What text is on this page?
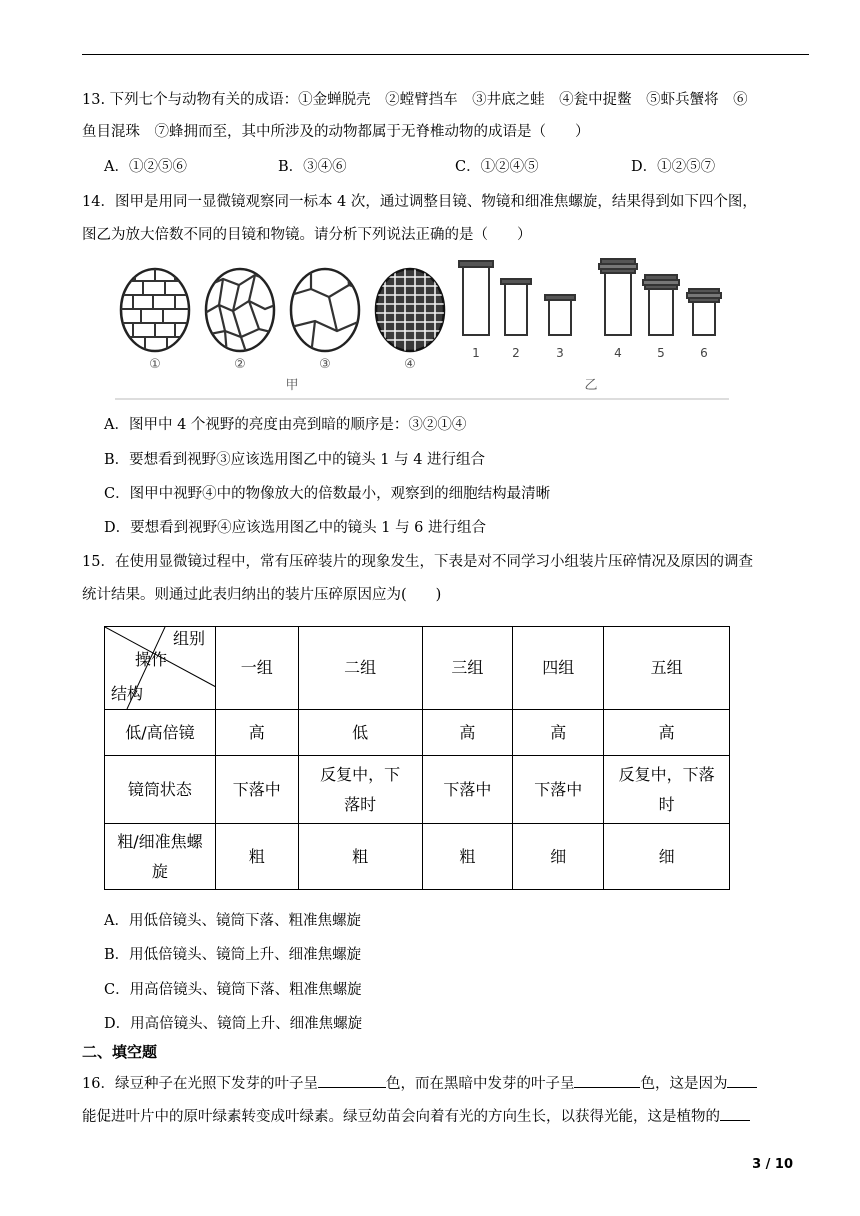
13. 下列七个与动物有关的成语：①金蝉脱壳　②螳臂挡车　③井底之蛙　④瓮中捉鳖　⑤虾兵蟹将　⑥
鱼目混珠　⑦蜂拥而至，其中所涉及的动物都属于无脊椎动物的成语是（　　）
A．①②⑤⑥	B．③④⑥	C．①②④⑤	D．①②⑤⑦
14．图甲是用同一显微镜观察同一标本 4 次，通过调整目镜、物镜和细准焦螺旋，结果得到如下四个图，
图乙为放大倍数不同的目镜和物镜。请分析下列说法正确的是（　　）
①	②	③	④
1	2	3	4	5	6
甲	乙
A．图甲中 4 个视野的亮度由亮到暗的顺序是：③②①④
B．要想看到视野③应该选用图乙中的镜头 1 与 4 进行组合
C．图甲中视野④中的物像放大的倍数最小，观察到的细胞结构最清晰
D．要想看到视野④应该选用图乙中的镜头 1 与 6 进行组合
15．在使用显微镜过程中，常有压碎装片的现象发生，下表是对不同学习小组装片压碎情况及原因的调查
统计结果。则通过此表归纳出的装片压碎原因应为(　　)
组别
操作
结构	一组	二组	三组	四组	五组
低/高倍镜	高	低	高	高	高
镜筒状态	下落中	反复中，下落时	下落中	下落中	反复中，下落时
粗/细准焦螺旋	粗	粗	粗	细	细
A．用低倍镜头、镜筒下落、粗准焦螺旋
B．用低倍镜头、镜筒上升、细准焦螺旋
C．用高倍镜头、镜筒下落、粗准焦螺旋
D．用高倍镜头、镜筒上升、细准焦螺旋
二、填空题
16．绿豆种子在光照下发芽的叶子呈	色，而在黑暗中发芽的叶子呈	色，这是因为
能促进叶片中的原叶绿素转变成叶绿素。绿豆幼苗会向着有光的方向生长，以获得光能，这是植物的
3 / 10
